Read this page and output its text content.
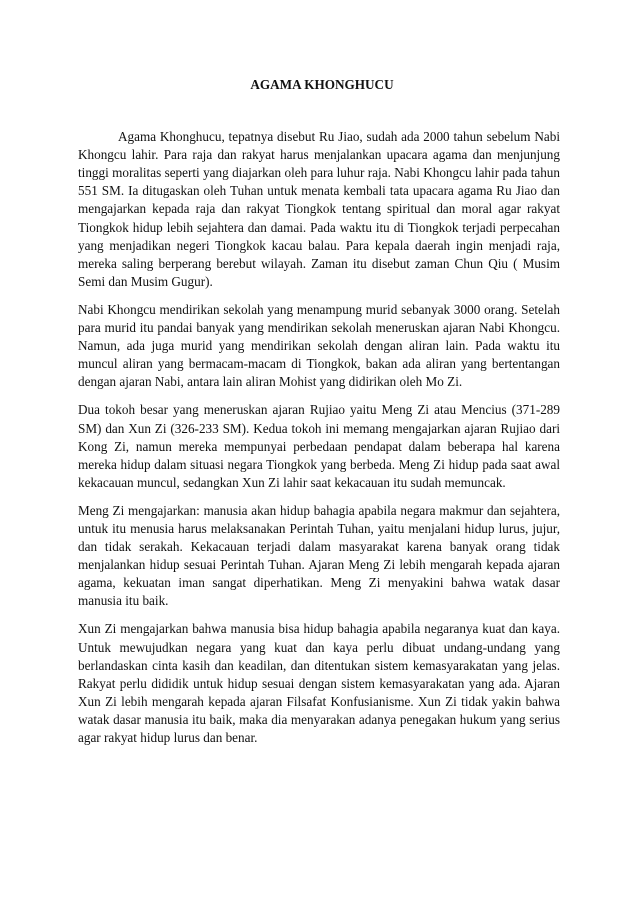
AGAMA KHONGHUCU

Agama Khonghucu, tepatnya disebut Ru Jiao, sudah ada 2000 tahun sebelum Nabi Khongcu lahir. Para raja dan rakyat harus menjalankan upacara agama dan menjunjung tinggi moralitas seperti yang diajarkan oleh para luhur raja. Nabi Khongcu lahir pada tahun 551 SM. Ia ditugaskan oleh Tuhan untuk menata kembali tata upacara agama Ru Jiao dan mengajarkan kepada raja dan rakyat Tiongkok tentang spiritual dan moral agar rakyat Tiongkok hidup lebih sejahtera dan damai. Pada waktu itu di Tiongkok terjadi perpecahan yang menjadikan negeri Tiongkok kacau balau. Para kepala daerah ingin menjadi raja, mereka saling berperang berebut wilayah. Zaman itu disebut zaman Chun Qiu ( Musim Semi dan Musim Gugur).

Nabi Khongcu mendirikan sekolah yang menampung murid sebanyak 3000 orang. Setelah para murid itu pandai banyak yang mendirikan sekolah meneruskan ajaran Nabi Khongcu. Namun, ada juga murid yang mendirikan sekolah dengan aliran lain. Pada waktu itu muncul aliran yang bermacam-macam di Tiongkok, bakan ada aliran yang bertentangan dengan ajaran Nabi, antara lain aliran Mohist yang didirikan oleh Mo Zi.

Dua tokoh besar yang meneruskan ajaran Rujiao yaitu Meng Zi atau Mencius (371-289 SM) dan Xun Zi (326-233 SM). Kedua tokoh ini memang mengajarkan ajaran Rujiao dari Kong Zi, namun mereka mempunyai perbedaan pendapat dalam beberapa hal karena mereka hidup dalam situasi negara Tiongkok yang berbeda. Meng Zi hidup pada saat awal kekacauan muncul, sedangkan Xun Zi lahir saat kekacauan itu sudah memuncak.

Meng Zi mengajarkan: manusia akan hidup bahagia apabila negara makmur dan sejahtera, untuk itu menusia harus melaksanakan Perintah Tuhan, yaitu menjalani hidup lurus, jujur, dan tidak serakah. Kekacauan terjadi dalam masyarakat karena banyak orang tidak menjalankan hidup sesuai Perintah Tuhan. Ajaran Meng Zi lebih mengarah kepada ajaran agama, kekuatan iman sangat diperhatikan. Meng Zi menyakini bahwa watak dasar manusia itu baik.

Xun Zi mengajarkan bahwa manusia bisa hidup bahagia apabila negaranya kuat dan kaya. Untuk mewujudkan negara yang kuat dan kaya perlu dibuat undang-undang yang berlandaskan cinta kasih dan keadilan, dan ditentukan sistem kemasyarakatan yang jelas. Rakyat perlu dididik untuk hidup sesuai dengan sistem kemasyarakatan yang ada. Ajaran Xun Zi lebih mengarah kepada ajaran Filsafat Konfusianisme. Xun Zi tidak yakin bahwa watak dasar manusia itu baik, maka dia menyarakan adanya penegakan hukum yang serius agar rakyat hidup lurus dan benar.
